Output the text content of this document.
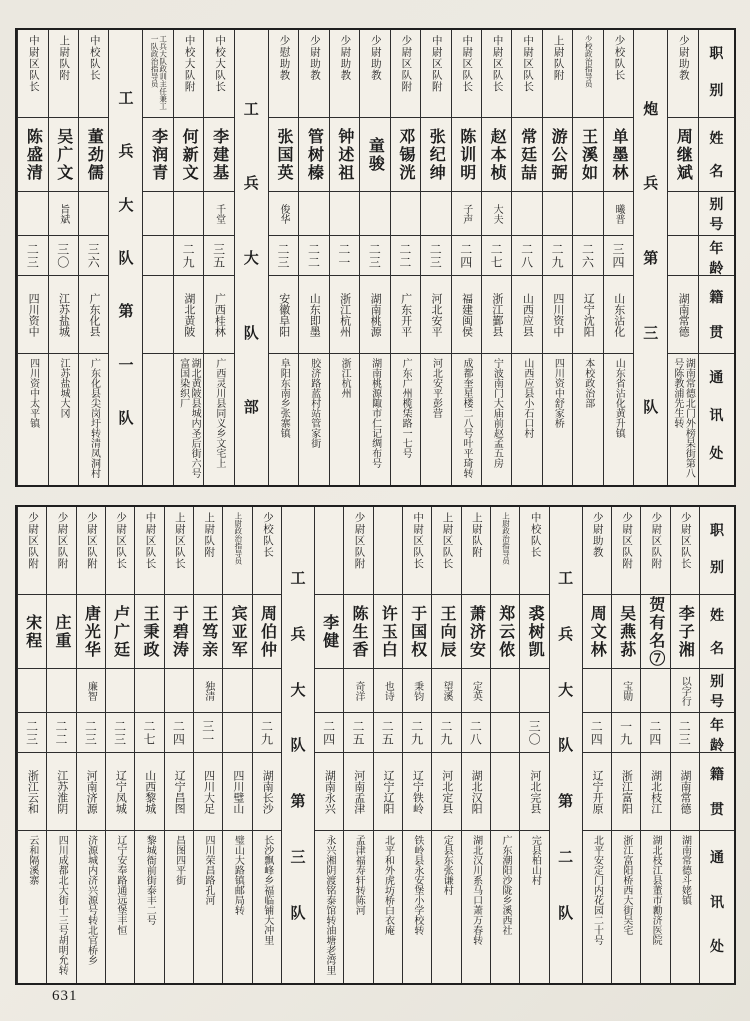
职
别
姓
名
别
号
年
龄
籍
贯
通
讯
处
少尉助教
周继斌
湖南常德
湖南常德北门外榜杲街第八号陈教浦先生转
炮
兵
第
三
队
少校队长
单墨林
曦普
三四
山东沾化
山东省沾化黄升镇
少校政治指导员
王溪如
二六
辽宁沈阳
本校政治部
上尉队附
游公弼
二九
四川资中
四川资中舒家桥
中尉区队长
常廷喆
二八
山西应县
山西应县小石口村
中尉区队长
赵本桢
大夫
二七
浙江鄞县
宁波南门大庙前赵孟五房
中尉区队长
陈训明
子声
二四
福建闽侯
成都奎星楼二八号叶平琦转
中尉区队附
张纪绅
二三
河北安平
河北安平彭营
少尉区队附
邓锡洸
二二
广东开平
广东广州榄栠路一七号
少尉助教
童骏
二三
湖南桃源
湖南桃源陬市仁记绸布号
少尉助教
钟述祖
二一
浙江杭州
浙江杭州
少尉助教
管树榛
二二
山东即墨
胶济路蓝村站管家街
少慰助教
张国英
俊华
二三
安徽阜阳
阜阳东南乡张寨镇
工
兵
大
队
部
中校大队长
李建基
千堂
三五
广西桂林
广西灵川县同义乡文宅上
中校大队附
何新文
二九
湖北黄陂
湖北黄陂县城内圣后街六号富国染织厂
工兵大队政训主任兼工一队政治指导员
李润青
工
兵
大
队
第
一
队
中校队长
董劲儒
三六
广东化县
广东化县尖岗圩转清凤洞村
上尉队附
吴广文
旨斌
三〇
江苏盐城
江苏盐城大冈
中尉区队长
陈盛清
二三
四川资中
四川资中太平镇
职
别
姓
名
别
号
年
龄
籍
贯
通
讯
处
少尉区队长
李子湘
以字行
二三
湖南常德
湖南常德斗姥镇
少尉区队附
贺有名⑦
二四
湖北枝江
湖北枝江县董市勷济医院
少尉区队附
吴燕荪
宝勋
一九
浙江富阳
浙江富阳桥西大街吴宅
少尉助教
周文林
二四
辽宁开原
北平安定门内花园二十号
工
兵
大
队
第
二
队
中校队长
裘树凯
三〇
河北完县
完县柏山村
上尉政治指导员
郑云侬
广东潮阳沙陇乡溪西社
上尉队附
萧济安
定英
二八
湖北汉阳
湖北汉川系马口萧万春转
上尉区队长
王向辰
望溪
二九
河北定县
定县东张谦村
中尉区队长
于国权
秉钧
二九
辽宁铁岭
铁岭县永安堡小学校转
许玉白
也诗
二五
辽宁辽阳
北平和外虎坊桥白衣庵
少尉区队附
陈生香
奇洋
二五
河南孟津
孟津福寿轩转陈河
李健
二四
湖南永兴
永兴湘阴渡铭泰馆转油塘老湾里
工
兵
大
队
第
三
队
少校队长
周伯仲
二九
湖南长沙
长沙飘峰乡福临铺大冲里
上尉政治指导员
宾亚军
四川璧山
璧山大路镇邮局转
上尉队附
王笃亲
独清
三一
四川大足
四川荣昌路孔河
上尉区队长
于碧涛
二四
辽宁昌图
昌图四平街
中尉区队长
王秉政
二七
山西黎城
黎城衙前街泰丰二号
少尉区队长
卢广廷
二三
辽宁凤城
辽宁安奉路通远堡丰恒
少尉区队附
唐光华
廉智
二三
河南济源
济源城内济兴源号转北官桥乡
少尉区队附
庄重
二二
江苏淮阴
四川成都北大街十三号胡明允转
少尉区队附
宋程
二三
浙江云和
云和隔溪寨
631
